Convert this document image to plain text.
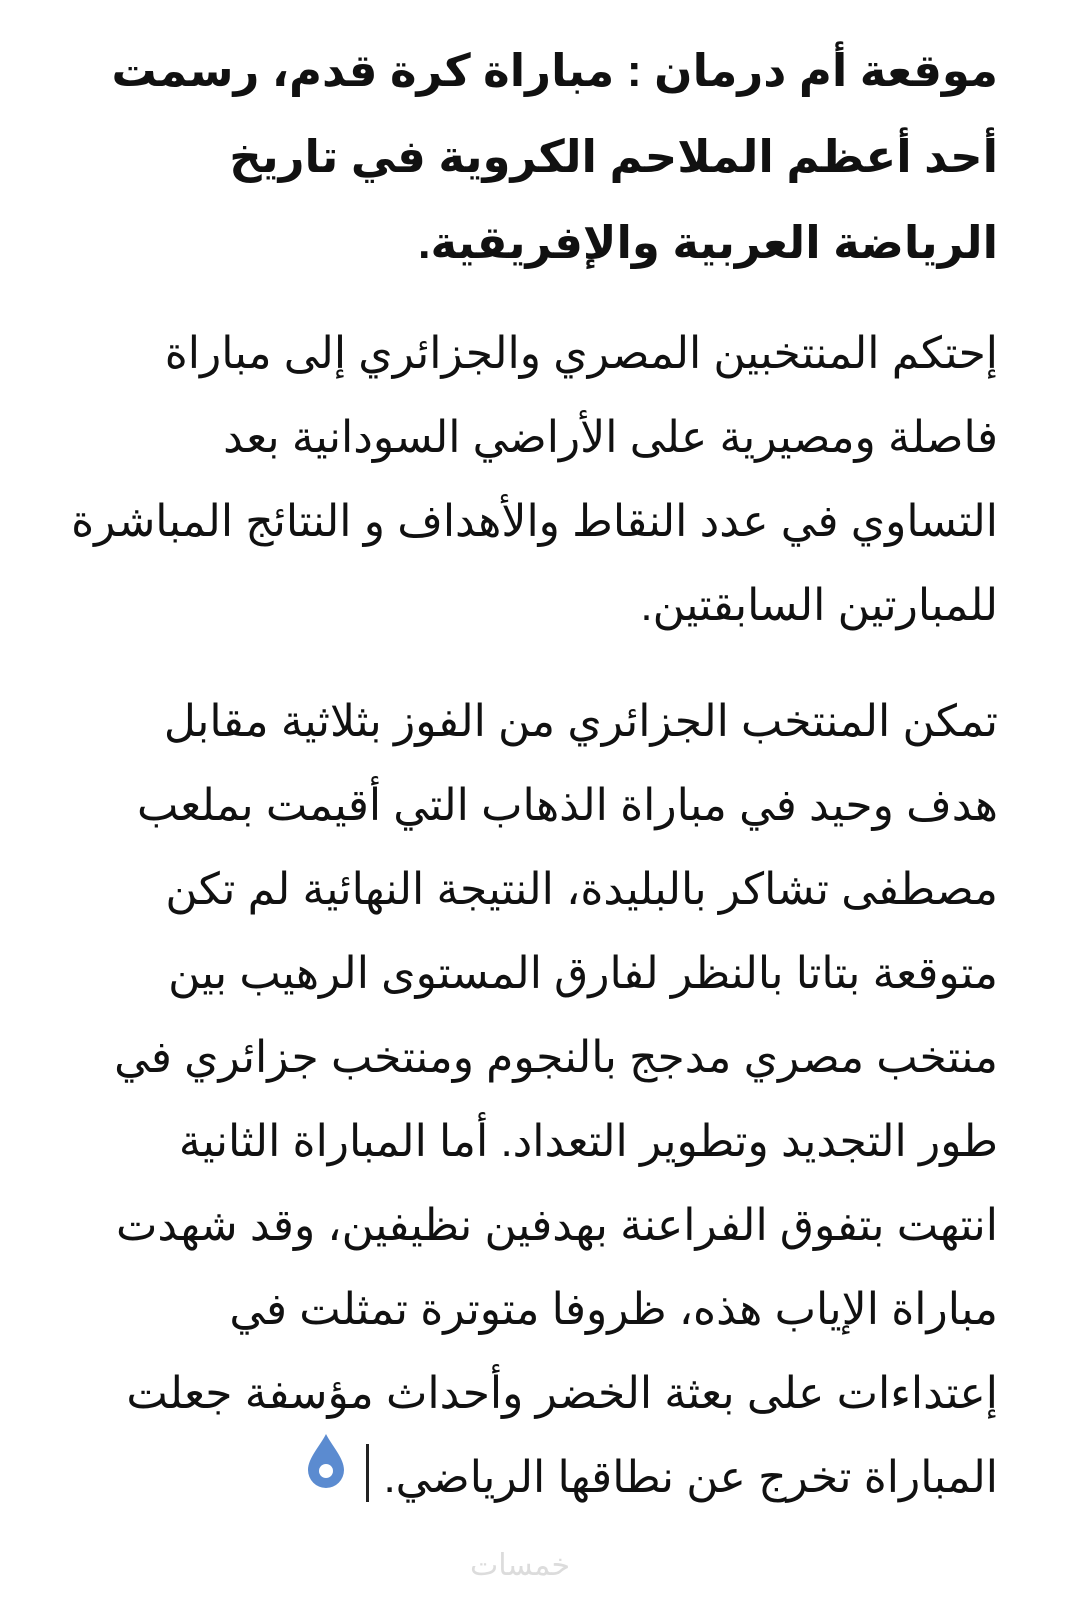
موقعة أم درمان : مباراة كرة قدم، رسمت أحد أعظم الملاحم الكروية في تاريخ الرياضة العربية والإفريقية.

إحتكم المنتخبين المصري والجزائري إلى مباراة فاصلة ومصيرية على الأراضي السودانية بعد التساوي في عدد النقاط والأهداف و النتائج المباشرة للمبارتين السابقتين.

تمكن المنتخب الجزائري من الفوز بثلاثية مقابل هدف وحيد في مباراة الذهاب التي أقيمت بملعب مصطفى تشاكر بالبليدة، النتيجة النهائية لم تكن متوقعة بتاتا بالنظر لفارق المستوى الرهيب بين منتخب مصري مدجج بالنجوم ومنتخب جزائري في طور التجديد وتطوير التعداد. أما المباراة الثانية انتهت بتفوق الفراعنة بهدفين نظيفين، وقد شهدت مباراة الإياب هذه، ظروفا متوترة تمثلت في إعتداءات على بعثة الخضر وأحداث مؤسفة جعلت المباراة تخرج عن نطاقها الرياضي.

خمسات
